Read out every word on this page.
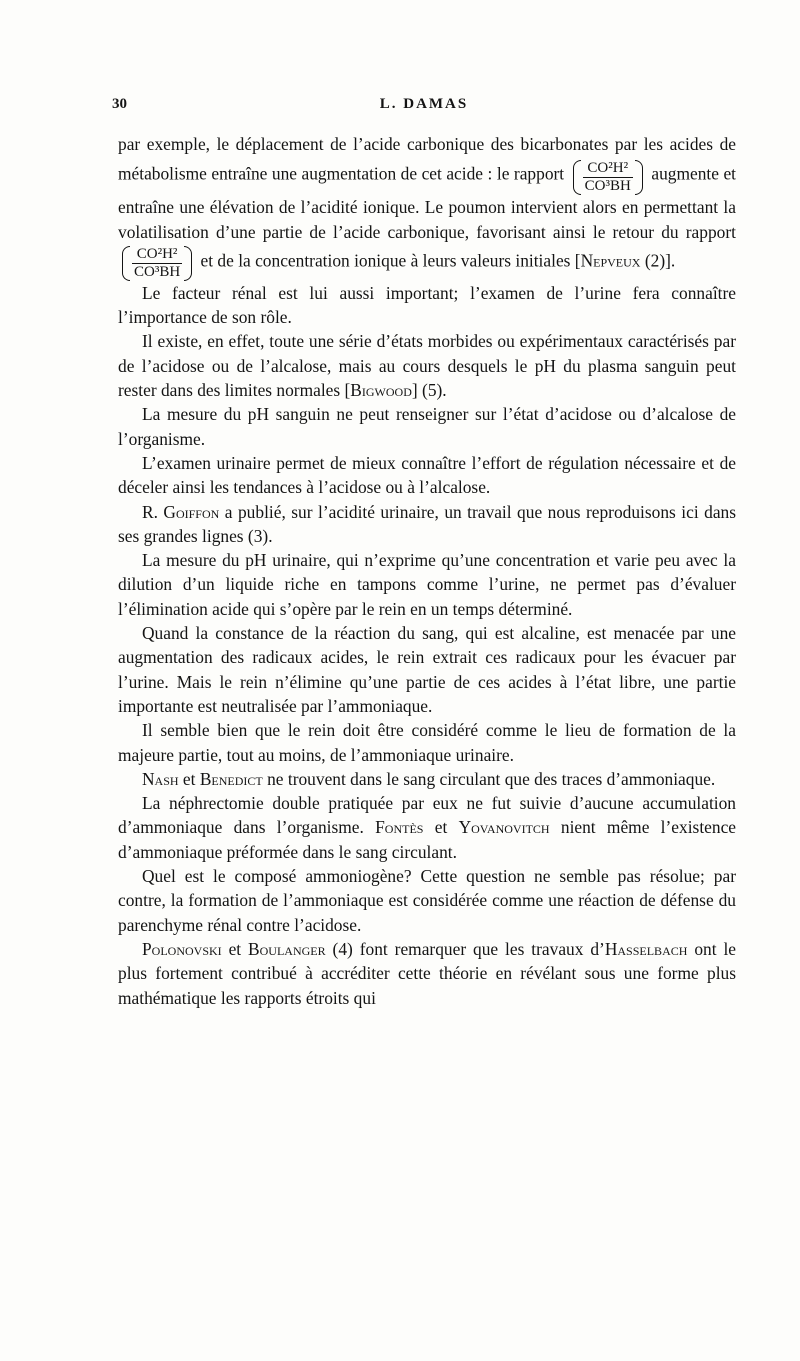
30	L. DAMAS

par exemple, le déplacement de l’acide carbonique des bicarbonates par les acides de métabolisme entraîne une augmentation de cet acide : le rapport $\frac{\text{CO²H²}}{\text{CO³BH}}$ augmente et entraîne une élévation de l’acidité ionique. Le poumon intervient alors en permettant la volatilisation d’une partie de l’acide carbonique, favorisant ainsi le retour du rapport
$\frac{\text{CO²H²}}{\text{CO³BH}}$ et de la concentration ionique à leurs valeurs initiales [Nepveux (2)].

Le facteur rénal est lui aussi important; l’examen de l’urine fera connaître l’importance de son rôle.

Il existe, en effet, toute une série d’états morbides ou expérimentaux caractérisés par de l’acidose ou de l’alcalose, mais au cours desquels le pH du plasma sanguin peut rester dans des limites normales [Bigwood] (5).

La mesure du pH sanguin ne peut renseigner sur l’état d’acidose ou d’alcalose de l’organisme.

L’examen urinaire permet de mieux connaître l’effort de régulation nécessaire et de déceler ainsi les tendances à l’acidose ou à l’alcalose.

R. Goiffon a publié, sur l’acidité urinaire, un travail que nous reproduisons ici dans ses grandes lignes (3).

La mesure du pH urinaire, qui n’exprime qu’une concentration et varie peu avec la dilution d’un liquide riche en tampons comme l’urine, ne permet pas d’évaluer l’élimination acide qui s’opère par le rein en un temps déterminé.

Quand la constance de la réaction du sang, qui est alcaline, est menacée par une augmentation des radicaux acides, le rein extrait ces radicaux pour les évacuer par l’urine. Mais le rein n’élimine qu’une partie de ces acides à l’état libre, une partie importante est neutralisée par l’ammoniaque.

Il semble bien que le rein doit être considéré comme le lieu de formation de la majeure partie, tout au moins, de l’ammoniaque urinaire.

Nash et Benedict ne trouvent dans le sang circulant que des traces d’ammoniaque.

La néphrectomie double pratiquée par eux ne fut suivie d’aucune accumulation d’ammoniaque dans l’organisme. Fontès et Yovanovitch nient même l’existence d’ammoniaque préformée dans le sang circulant.

Quel est le composé ammoniogène? Cette question ne semble pas résolue; par contre, la formation de l’ammoniaque est considérée comme une réaction de défense du parenchyme rénal contre l’acidose.

Polonovski et Boulanger (4) font remarquer que les travaux d’Hasselbach ont le plus fortement contribué à accréditer cette théorie en révélant sous une forme plus mathématique les rapports étroits qui
